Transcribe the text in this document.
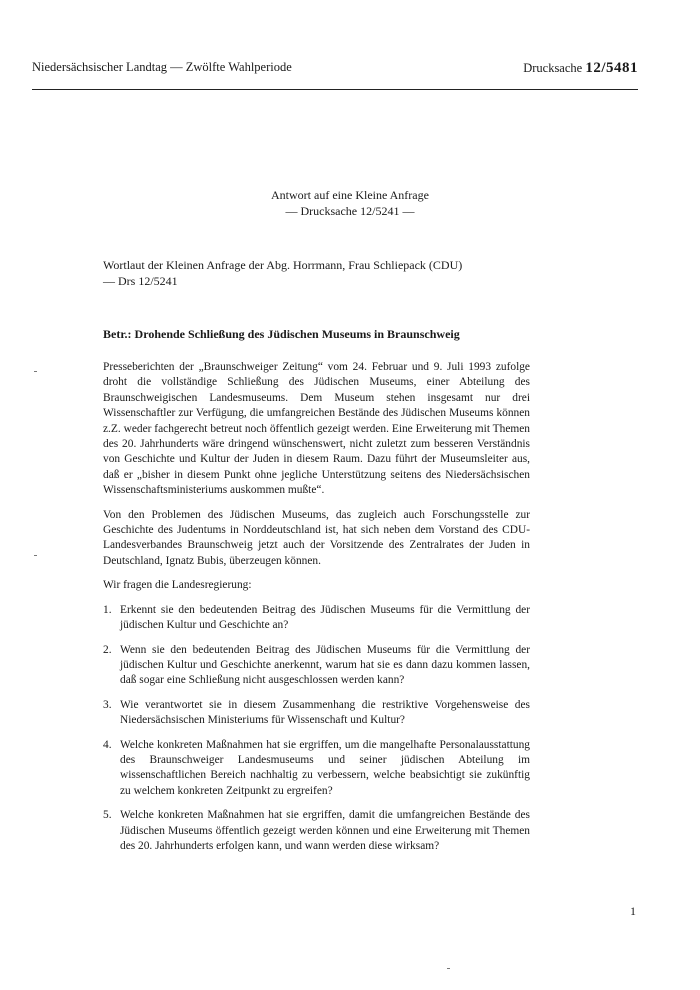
Niedersächsischer Landtag — Zwölfte Wahlperiode	Drucksache 12/5481
Antwort auf eine Kleine Anfrage
— Drucksache 12/5241 —
Wortlaut der Kleinen Anfrage der Abg. Horrmann, Frau Schliepack (CDU)
— Drs 12/5241
Betr.: Drohende Schließung des Jüdischen Museums in Braunschweig

Presseberichten der „Braunschweiger Zeitung“ vom 24. Februar und 9. Juli 1993 zufolge droht die vollständige Schließung des Jüdischen Museums, einer Abteilung des Braunschweigischen Landesmuseums. Dem Museum stehen insgesamt nur drei Wissenschaftler zur Verfügung, die umfangreichen Bestände des Jüdischen Museums können z.Z. weder fachgerecht betreut noch öffentlich gezeigt werden. Eine Erweiterung mit Themen des 20. Jahrhunderts wäre dringend wünschenswert, nicht zuletzt zum besseren Verständnis von Geschichte und Kultur der Juden in diesem Raum. Dazu führt der Museumsleiter aus, daß er „bisher in diesem Punkt ohne jegliche Unterstützung seitens des Niedersächsischen Wissenschaftsministeriums auskommen mußte“.

Von den Problemen des Jüdischen Museums, das zugleich auch Forschungsstelle zur Geschichte des Judentums in Norddeutschland ist, hat sich neben dem Vorstand des CDU-Landesverbandes Braunschweig jetzt auch der Vorsitzende des Zentralrates der Juden in Deutschland, Ignatz Bubis, überzeugen können.

Wir fragen die Landesregierung:

1. Erkennt sie den bedeutenden Beitrag des Jüdischen Museums für die Vermittlung der jüdischen Kultur und Geschichte an?
2. Wenn sie den bedeutenden Beitrag des Jüdischen Museums für die Vermittlung der jüdischen Kultur und Geschichte anerkennt, warum hat sie es dann dazu kommen lassen, daß sogar eine Schließung nicht ausgeschlossen werden kann?
3. Wie verantwortet sie in diesem Zusammenhang die restriktive Vorgehensweise des Niedersächsischen Ministeriums für Wissenschaft und Kultur?
4. Welche konkreten Maßnahmen hat sie ergriffen, um die mangelhafte Personalausstattung des Braunschweiger Landesmuseums und seiner jüdischen Abteilung im wissenschaftlichen Bereich nachhaltig zu verbessern, welche beabsichtigt sie zukünftig zu welchem konkreten Zeitpunkt zu ergreifen?
5. Welche konkreten Maßnahmen hat sie ergriffen, damit die umfangreichen Bestände des Jüdischen Museums öffentlich gezeigt werden können und eine Erweiterung mit Themen des 20. Jahrhunderts erfolgen kann, und wann werden diese wirksam?
1
